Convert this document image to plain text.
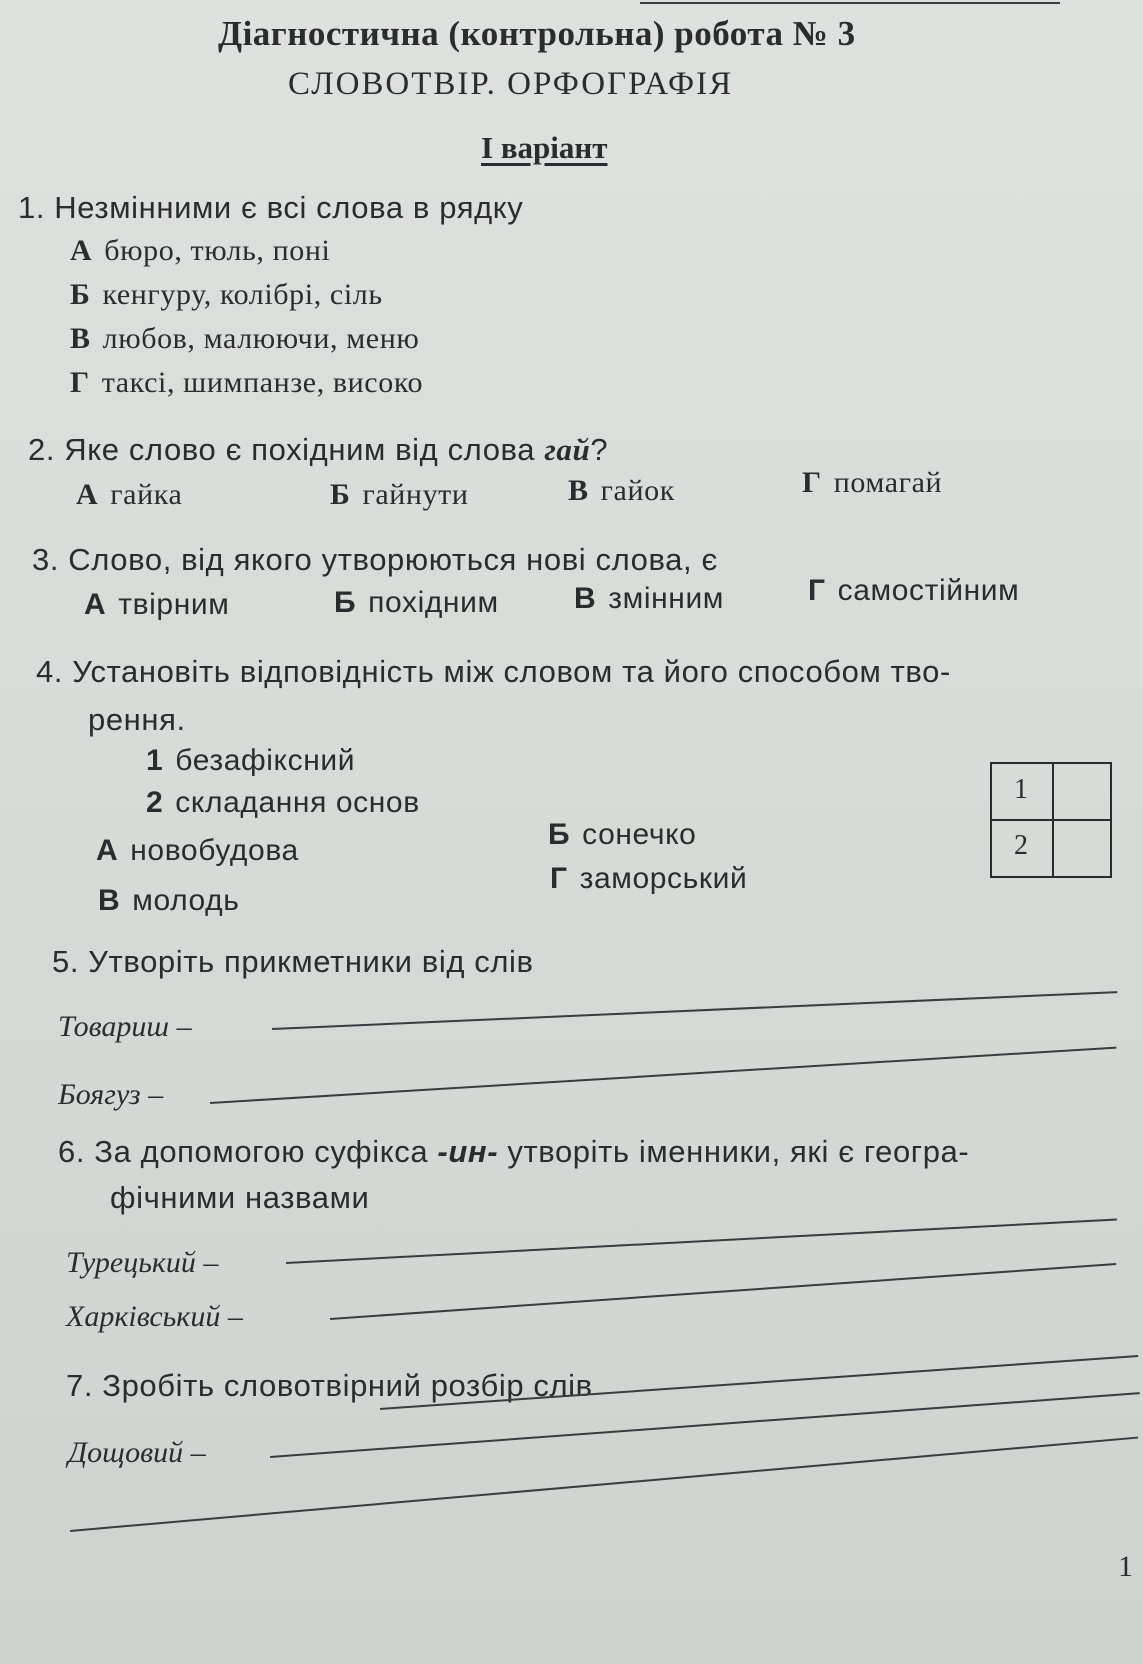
Діагностична (контрольна) робота № 3
СЛОВОТВІР. ОРФОГРАФІЯ
I варіант
1. Незмінними є всі слова в рядку
А бюро, тюль, поні
Б кенгуру, колібрі, сіль
В любов, малюючи, меню
Г таксі, шимпанзе, високо
2. Яке слово є похідним від слова гай?
А гайка	Б гайнути	В гайок	Г помагай
3. Слово, від якого утворюються нові слова, є
А твірним	Б похідним	В змінним	Г самостійним
4. Установіть відповідність між словом та його способом тво-
рення.
1 безафіксний
2 складання основ
А новобудова	Б сонечко
В молодь
Г заморський
1
2
5. Утворіть прикметники від слів
Товариш –
Боягуз –
6. За допомогою суфікса -ин- утворіть іменники, які є геогра-
фічними назвами
Турецький –
Харківський –
7. Зробіть словотвірний розбір слів
Дощовий –
1
